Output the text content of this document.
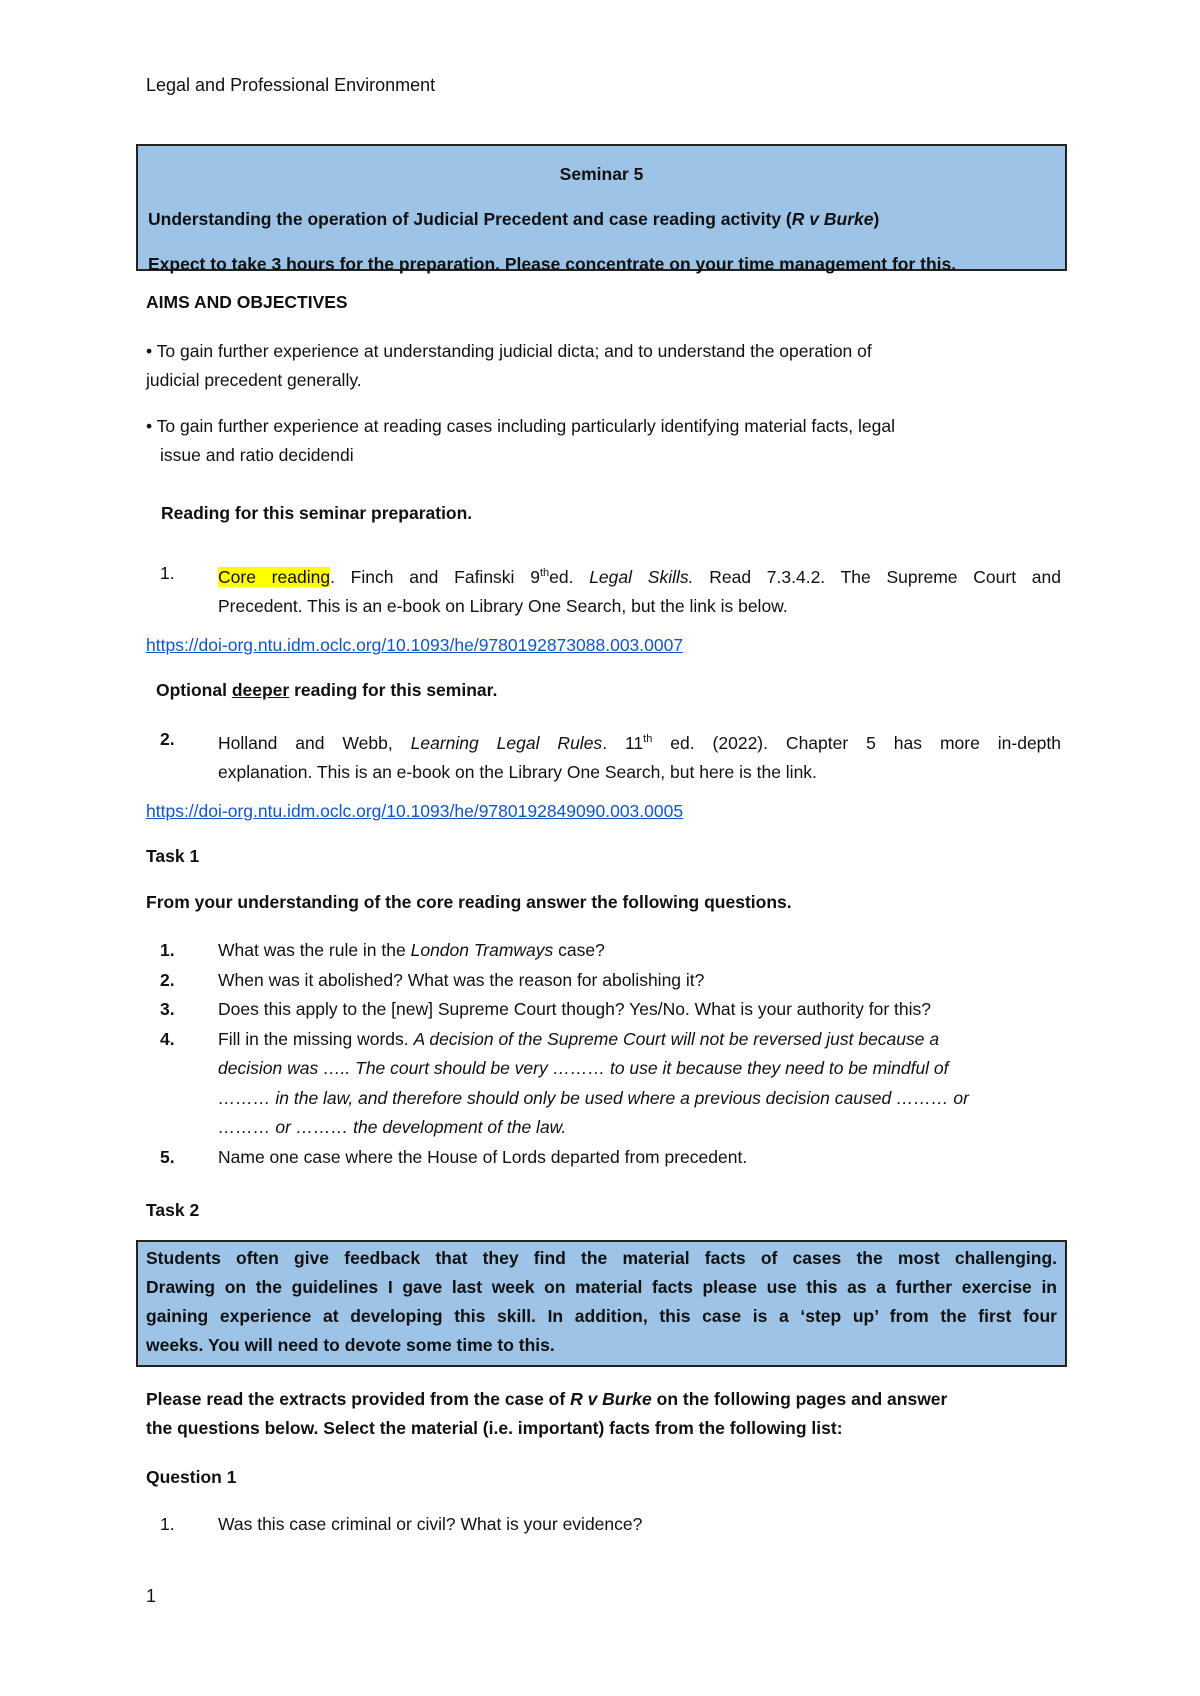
Legal and Professional Environment
Seminar 5
Understanding the operation of Judicial Precedent and case reading activity (R v Burke)
Expect to take 3 hours for the preparation. Please concentrate on your time management for this.
AIMS AND OBJECTIVES
• To gain further experience at understanding judicial dicta; and to understand the operation of
judicial precedent generally.
• To gain further experience at reading cases including particularly identifying material facts, legal
issue and ratio decidendi
Reading for this seminar preparation.
1. Core reading. Finch and Fafinski 9thed. Legal Skills. Read 7.3.4.2. The Supreme Court and
Precedent. This is an e-book on Library One Search, but the link is below.
https://doi-org.ntu.idm.oclc.org/10.1093/he/9780192873088.003.0007
Optional deeper reading for this seminar.
2. Holland and Webb, Learning Legal Rules. 11th ed. (2022). Chapter 5 has more in-depth
explanation. This is an e-book on the Library One Search, but here is the link.
https://doi-org.ntu.idm.oclc.org/10.1093/he/9780192849090.003.0005
Task 1
From your understanding of the core reading answer the following questions.
1. What was the rule in the London Tramways case?
2. When was it abolished? What was the reason for abolishing it?
3. Does this apply to the [new] Supreme Court though? Yes/No. What is your authority for this?
4. Fill in the missing words. A decision of the Supreme Court will not be reversed just because a
decision was ….. The court should be very ……… to use it because they need to be mindful of
……… in the law, and therefore should only be used where a previous decision caused ……… or
……… or ……… the development of the law.
5. Name one case where the House of Lords departed from precedent.
Task 2
Students often give feedback that they find the material facts of cases the most challenging.
Drawing on the guidelines I gave last week on material facts please use this as a further exercise in
gaining experience at developing this skill. In addition, this case is a ‘step up’ from the first four
weeks. You will need to devote some time to this.
Please read the extracts provided from the case of R v Burke on the following pages and answer
the questions below. Select the material (i.e. important) facts from the following list:
Question 1
1. Was this case criminal or civil? What is your evidence?
1
